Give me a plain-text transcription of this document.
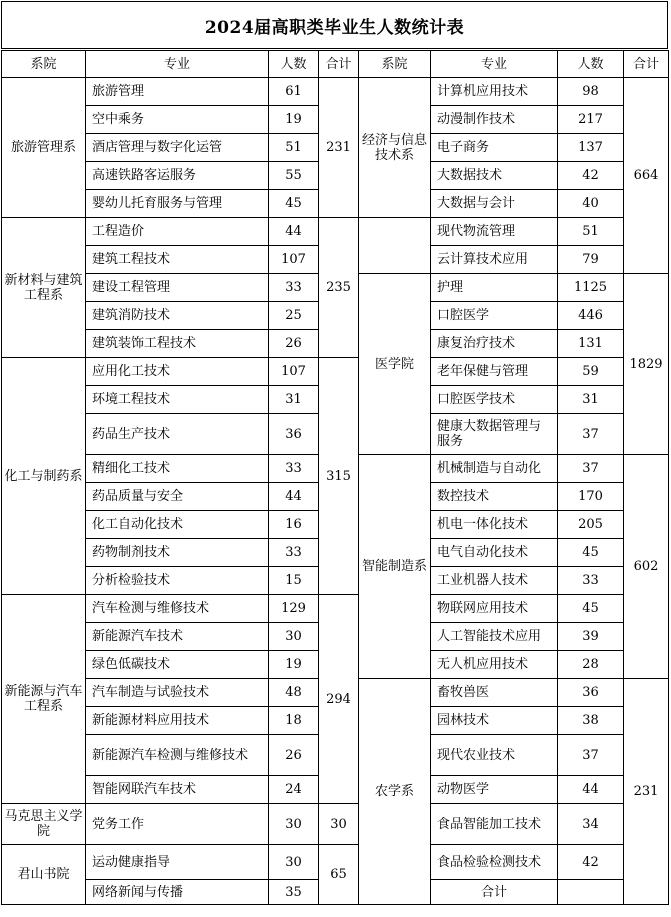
2024届高职类毕业生人数统计表
系院	专业	人数	合计	系院	专业	人数	合计	
旅游管理系	旅游管理	61	231	经济与信息技术系	计算机应用技术	98	664	
	空中乘务	19			动漫制作技术	217		
	酒店管理与数字化运管	51			电子商务	137		
	高速铁路客运服务	55			大数据技术	42		
	婴幼儿托育服务与管理	45			大数据与会计	40		
新材料与建筑工程系	工程造价	44	235		现代物流管理	51		
	建筑工程技术	107			云计算技术应用	79		
	建设工程管理	33		医学院	护理	1125	1829	
	建筑消防技术	25			口腔医学	446		
	建筑装饰工程技术	26			康复治疗技术	131		
化工与制药系	应用化工技术	107	315		老年保健与管理	59		
	环境工程技术	31			口腔医学技术	31		
	药品生产技术	36			健康大数据管理与服务	37		
	精细化工技术	33		智能制造系	机械制造与自动化	37	602	
	药品质量与安全	44			数控技术	170		
	化工自动化技术	16			机电一体化技术	205		
	药物制剂技术	33			电气自动化技术	45		
	分析检验技术	15			工业机器人技术	33		
新能源与汽车工程系	汽车检测与维修技术	129	294		物联网应用技术	45		
	新能源汽车技术	30			人工智能技术应用	39		
	绿色低碳技术	19			无人机应用技术	28		
	汽车制造与试验技术	48		农学系	畜牧兽医	36	231	
	新能源材料应用技术	18			园林技术	38		
	新能源汽车检测与维修技术	26			现代农业技术	37		
	智能网联汽车技术	24			动物医学	44		
马克思主义学院	党务工作	30	30		食品智能加工技术	34		
君山书院	运动健康指导	30	65		食品检验检测技术	42		
	网络新闻与传播	35			合计			
